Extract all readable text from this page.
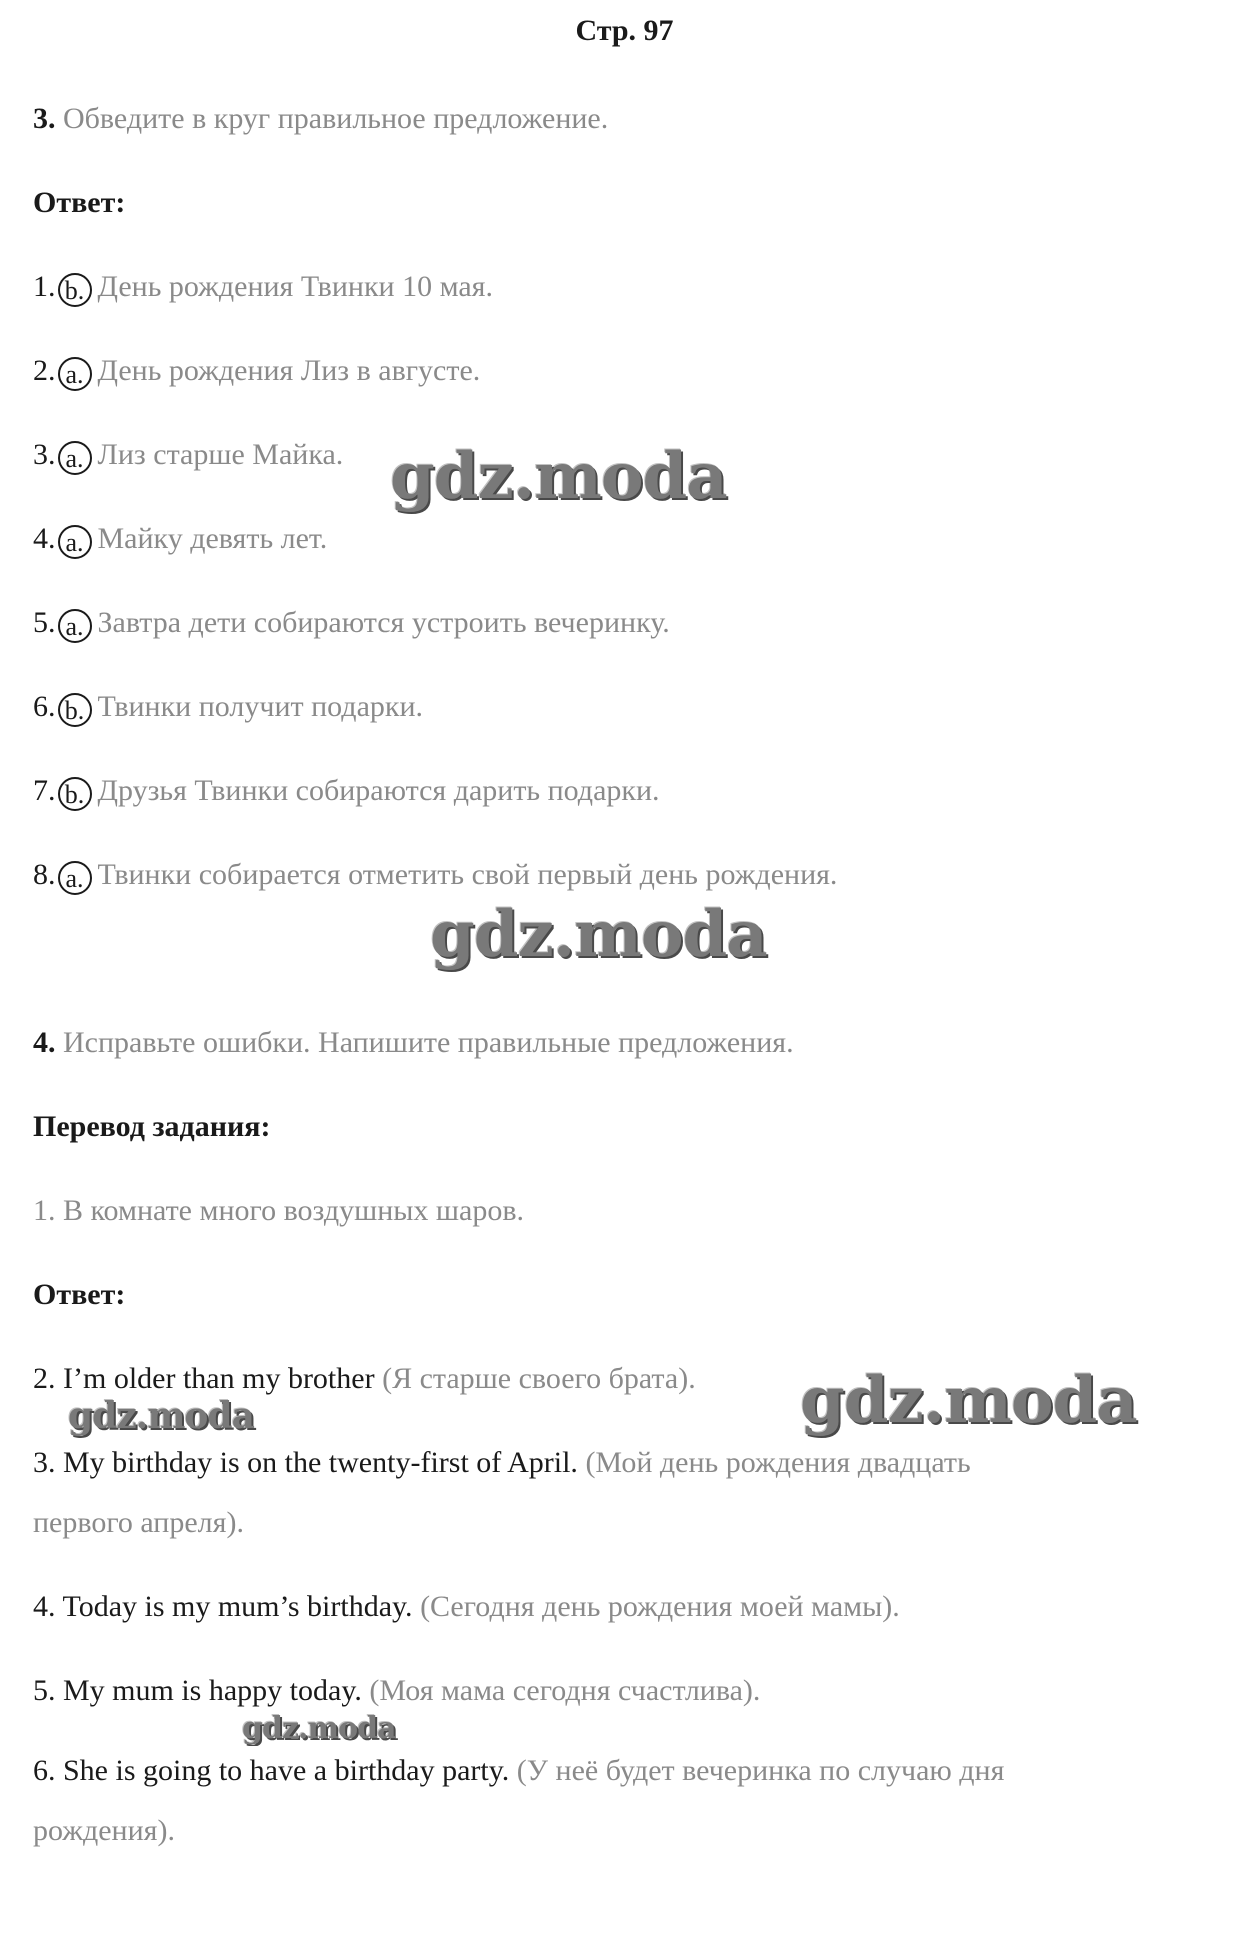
Стр. 97
3. Обведите в круг правильное предложение.
Ответ:
1. b. День рождения Твинки 10 мая.
2. a. День рождения Лиз в августе.
3. a. Лиз старше Майка.
4. a. Майку девять лет.
5. a. Завтра дети собираются устроить вечеринку.
6. b. Твинки получит подарки.
7. b. Друзья Твинки собираются дарить подарки.
8. a. Твинки собирается отметить свой первый день рождения.
4. Исправьте ошибки. Напишите правильные предложения.
Перевод задания:
1. В комнате много воздушных шаров.
Ответ:
2. I’m older than my brother (Я старше своего брата).
3. My birthday is on the twenty-first of April. (Мой день рождения двадцать
первого апреля).
4. Today is my mum’s birthday. (Сегодня день рождения моей мамы).
5. My mum is happy today. (Моя мама сегодня счастлива).
6. She is going to have a birthday party. (У неё будет вечеринка по случаю дня
рождения).
gdz.moda
gdz.moda
gdz.moda
gdz.moda
gdz.moda
